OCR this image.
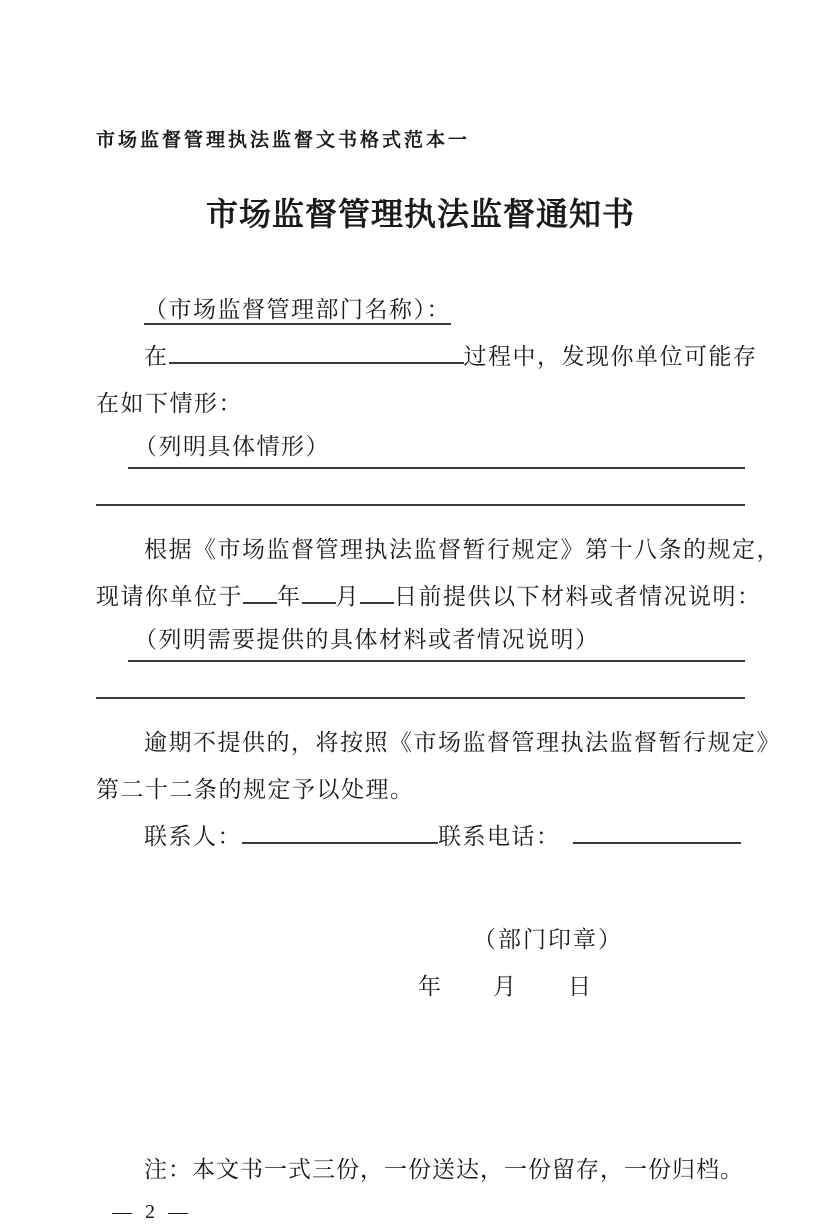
市场监督管理执法监督文书格式范本一
市场监督管理执法监督通知书
（市场监督管理部门名称）：
在	过程中，发现你单位可能存
在如下情形：
（列明具体情形）
根据《市场监督管理执法监督暂行规定》第十八条的规定，
现请你单位于 年 月 日前提供以下材料或者情况说明：
（列明需要提供的具体材料或者情况说明）
逾期不提供的，将按照《市场监督管理执法监督暂行规定》
第二十二条的规定予以处理。
联系人：	联系电话：
（部门印章）
年　　月　　日
注：本文书一式三份，一份送达，一份留存，一份归档。
— 2 —
